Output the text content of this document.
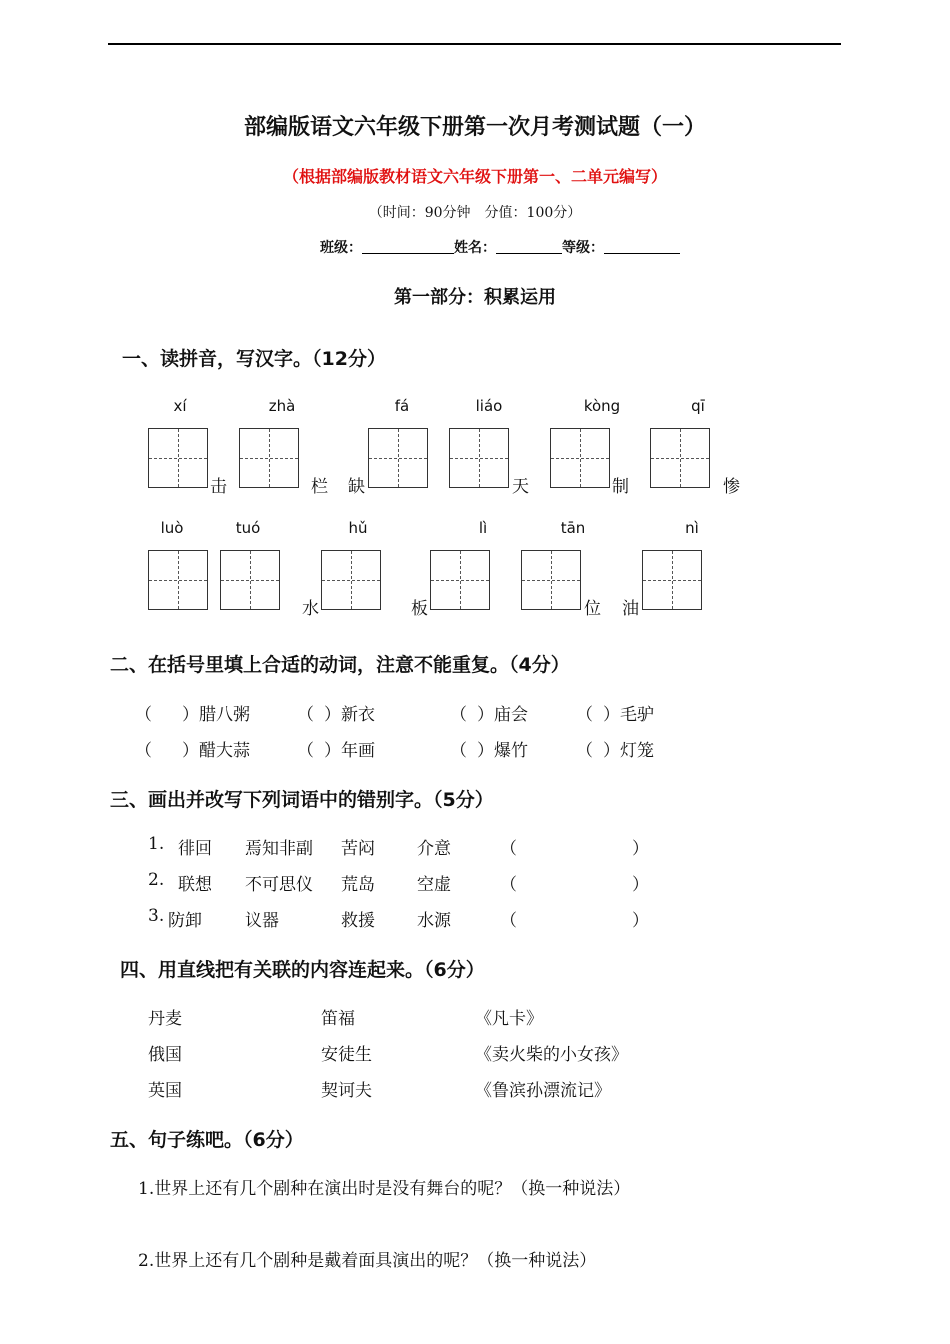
部编版语文六年级下册第一次月考测试题（一）
（根据部编版教材语文六年级下册第一、二单元编写）
（时间：90分钟　分值：100分）
班级：	姓名：	等级：
第一部分：积累运用
一、读拼音，写汉字。（12分）
xí	zhà	fá	liáo	kòng	qī
击	栏 缺	天	制	惨
luò	tuó	hǔ	lì	tān	nì
水	板	位 油
二、在括号里填上合适的动词，注意不能重复。（4分）
（ ）腊八粥	（ ）新衣	（ ）庙会	（ ）毛驴
（ ）醋大蒜	（ ）年画	（ ）爆竹	（ ）灯笼
三、画出并改写下列词语中的错别字。（5分）
1. 徘回 焉知非副 苦闷 介意	（	）
2. 联想 不可思仪 荒岛 空虚	（	）
3. 防卸	议器	救援 水源	（	）
四、用直线把有关联的内容连起来。（6分）
丹麦	笛福	《凡卡》
俄国	安徒生	《卖火柴的小女孩》
英国	契诃夫	《鲁滨孙漂流记》
五、句子练吧。（6分）
1.世界上还有几个剧种在演出时是没有舞台的呢？（换一种说法）
2.世界上还有几个剧种是戴着面具演出的呢？（换一种说法）
